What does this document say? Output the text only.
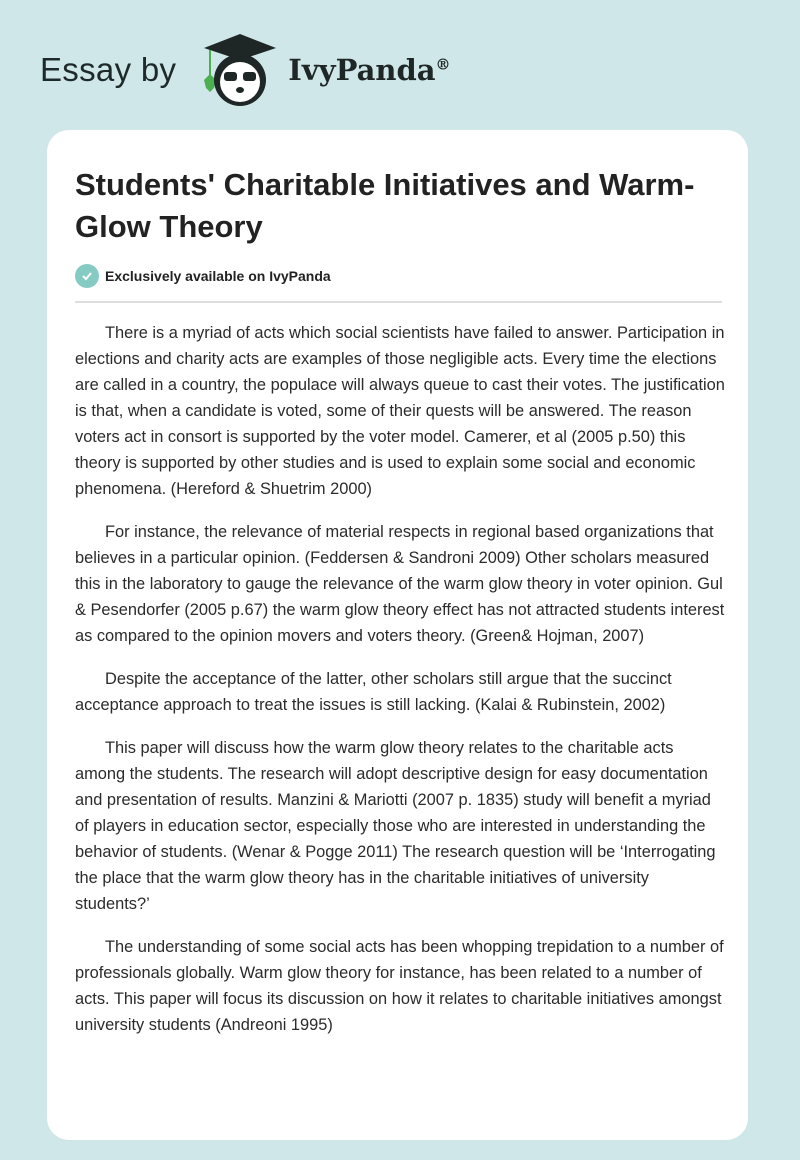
Essay by	IvyPanda®
Students' Charitable Initiatives and Warm-Glow Theory
Exclusively available on IvyPanda

There is a myriad of acts which social scientists have failed to answer. Participation in elections and charity acts are examples of those negligible acts. Every time the elections are called in a country, the populace will always queue to cast their votes. The justification is that, when a candidate is voted, some of their quests will be answered. The reason voters act in consort is supported by the voter model. Camerer, et al (2005 p.50) this theory is supported by other studies and is used to explain some social and economic phenomena. (Hereford & Shuetrim 2000)

For instance, the relevance of material respects in regional based organizations that believes in a particular opinion. (Feddersen & Sandroni 2009) Other scholars measured this in the laboratory to gauge the relevance of the warm glow theory in voter opinion. Gul & Pesendorfer (2005 p.67) the warm glow theory effect has not attracted students interest as compared to the opinion movers and voters theory. (Green& Hojman, 2007)

Despite the acceptance of the latter, other scholars still argue that the succinct acceptance approach to treat the issues is still lacking. (Kalai & Rubinstein, 2002)

This paper will discuss how the warm glow theory relates to the charitable acts among the students. The research will adopt descriptive design for easy documentation and presentation of results. Manzini & Mariotti (2007 p. 1835) study will benefit a myriad of players in education sector, especially those who are interested in understanding the behavior of students. (Wenar & Pogge 2011) The research question will be ‘Interrogating the place that the warm glow theory has in the charitable initiatives of university students?’

The understanding of some social acts has been whopping trepidation to a number of professionals globally. Warm glow theory for instance, has been related to a number of acts. This paper will focus its discussion on how it relates to charitable initiatives amongst university students (Andreoni 1995)
